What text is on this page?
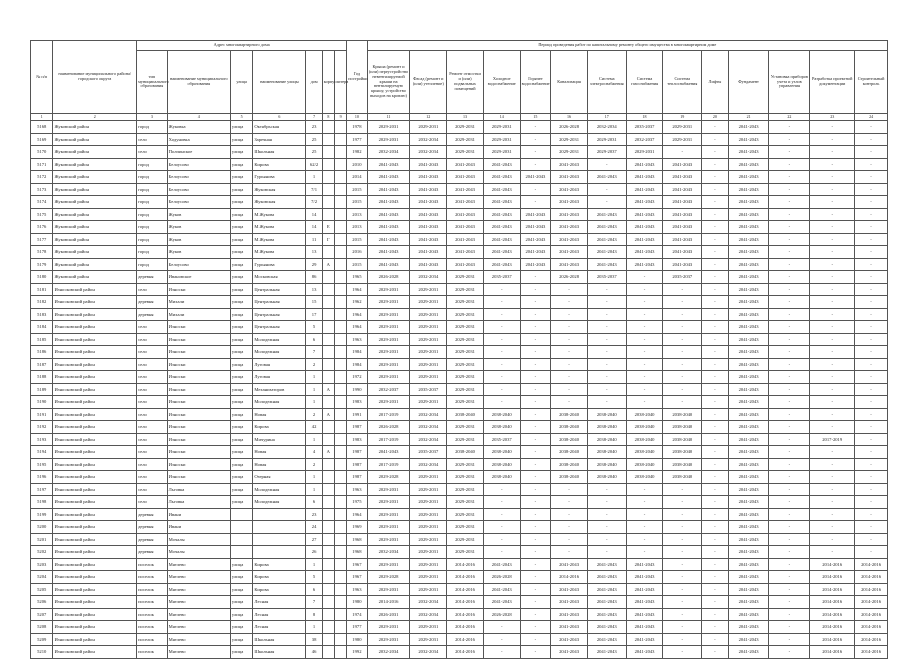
№ п/п	наименование муниципального района/городского округа	Адрес многоквартирного дома							Год постройки	Период проведения работ по капитальному ремонту общего имущества в многоквартирном доме													
		тип муниципального образования	наименование муниципального образования	улица	наименование улицы	дом	корпус	литера		Крыша (ремонт и (или) переустройство невентилируемой крыши на вентилируемую крышу, устройство выходов на кровлю)	Фасад (ремонт и (или) утепление)	Ремонт отмостки и (или) подвальных помещений	Холодное водоснабжение	Горячее водоснабжение	Канализация	Система электроснабжения	Система газоснабжения	Система теплоснабжения	Лифты	Фундамент	Установка приборов учета и узлов управления	Разработка проектной документации	Строительный контроль
1	2	3	4	5	6	7	8	9	10	11	12	13	14	15	16	17	18	19	20	21	22	23	24
5168	Жуковский район	город	Жуковка	улица	Октябрьская	23			1978	2029-2031	2029-2031	2029-2031	2029-2031	-	2026-2028	2032-2034	2035-2037	2029-2031	-	2041-2043	-	-	-
5169	Жуковский район	село	Ходуновка	улица	Заречная	25			1977	2029-2031	2032-2034	2029-2031	2029-2031	-	2029-2031	2029-2031	2032-2037	2029-2031	-	2041-2043	-	-	-
5170	Жуковский район	село	Полпинское	улица	Школьная	25			1982	2032-2034	2032-2034	2029-2031	2029-2031	-	2029-2031	2029-2037	2029-2031	-	-	2041-2043	-	-	-
5171	Жуковский район	город	Белоусово	улица	Кирова	62/2			2010	2041-2043	2041-2043	2041-2043	2041-2043	-	2041-2043	-	2041-2043	2041-2043	-	2041-2043	-	-	-
5172	Жуковский район	город	Белоусово	улица	Гурьянова	1			2014	2041-2043	2041-2043	2041-2043	2041-2043	2041-2043	2041-2043	2041-2043	2041-2043	2041-2043	-	2041-2043	-	-	-
5173	Жуковский район	город	Белоусово	улица	Жуковская	7/1			2015	2041-2043	2041-2043	2041-2043	2041-2043	-	2041-2043	-	2041-2043	2041-2043	-	2041-2043	-	-	-
5174	Жуковский район	город	Белоусово	улица	Жуковская	7/2			2015	2041-2043	2041-2043	2041-2043	2041-2043	-	2041-2043	-	2041-2043	2041-2043	-	2041-2043	-	-	-
5175	Жуковский район	город	Жуков	улица	М.Жукова	14			2013	2041-2043	2041-2043	2041-2043	2041-2043	2041-2043	2041-2043	2041-2043	2041-2043	2041-2043	-	2041-2043	-	-	-
5176	Жуковский район	город	Жуков	улица	М.Жукова	14	Е		2013	2041-2043	2041-2043	2041-2043	2041-2043	2041-2043	2041-2043	2041-2043	2041-2043	2041-2043	-	2041-2043	-	-	-
5177	Жуковский район	город	Жуков	улица	М.Жукова	11	Г		2015	2041-2043	2041-2043	2041-2043	2041-2043	2041-2043	2041-2043	2041-2043	2041-2043	2041-2043	-	2041-2043	-	-	-
5178	Жуковский район	город	Жуков	улица	М.Жукова	13			2016	2041-2043	2041-2043	2041-2043	2041-2043	2041-2043	2041-2043	2041-2043	2041-2043	2041-2043	-	2041-2043	-	-	-
5179	Жуковский район	город	Белоусово	улица	Гурьянова	29	А		2015	2041-2043	2041-2043	2041-2043	2041-2043	2041-2043	2041-2043	2041-2043	2041-2043	2041-2043	-	2041-2043	-	-	-
5180	Жуковский район	деревня	Ивановское	улица	Московская	86			1965	2026-2028	2032-2034	2029-2031	2035-2037	-	2026-2028	2035-2037	-	2035-2037	-	2041-2043	-	-	-
5181	Износковский район	село	Износки	улица	Центральная	13			1964	2029-2031	2029-2031	2029-2031	-	-	-	-	-	-	-	2041-2043	-	-	-
5182	Износковский район	деревня	Михали	улица	Центральная	15			1962	2029-2031	2029-2031	2029-2031	-	-	-	-	-	-	-	2041-2043	-	-	-
5183	Износковский район	деревня	Михали	улица	Центральная	17			1964	2029-2031	2029-2031	2029-2031	-	-	-	-	-	-	-	2041-2043	-	-	-
5184	Износковский район	село	Износки	улица	Центральная	5			1964	2029-2031	2029-2031	2029-2031	-	-	-	-	-	-	-	2041-2043	-	-	-
5185	Износковский район	село	Износки	улица	Молодежная	6			1963	2029-2031	2029-2031	2029-2031	-	-	-	-	-	-	-	2041-2043	-	-	-
5186	Износковский район	село	Износки	улица	Молодежная	7			1984	2029-2031	2029-2031	2029-2031	-	-	-	-	-	-	-	2041-2043	-	-	-
5187	Износковский район	село	Износки	улица	Луговая	2			1984	2029-2031	2029-2031	2029-2031	-	-	-	-	-	-	-	2041-2043	-	-	-
5188	Износковский район	село	Износки	улица	Луговая	1			1972	2029-2031	2029-2031	2029-2031	-	-	-	-	-	-	-	2041-2043	-	-	-
5189	Износковский район	село	Износки	улица	Механизаторов	1	А		1990	2032-2037	2035-2037	2029-2031	-	-	-	-	-	-	-	2041-2043	-	-	-
5190	Износковский район	село	Износки	улица	Молодежная	1			1983	2029-2031	2029-2031	2029-2031	-	-	-	-	-	-	-	2041-2043	-	-	-
5191	Износковский район	село	Износки	улица	Новая	2	А		1991	2017-2019	2032-2034	2038-2040	2038-2040	-	2038-2040	2038-2040	2038-2040	2038-2040	-	2041-2043	-	-	-
5192	Износковский район	село	Износки	улица	Кирова	42			1987	2026-2028	2032-2034	2029-2031	2038-2040	-	2038-2040	2038-2040	2038-2040	2038-2040	-	2041-2043	-	-	-
5193	Износковский район	село	Износки	улица	Мичурина	1			1983	2017-2019	2032-2034	2029-2031	2035-2037	-	2038-2040	2038-2040	2038-2040	2038-2040	-	2041-2043	-	2017-2019	-
5194	Износковский район	село	Износки	улица	Новая	4	А		1987	2041-2043	2035-2037	2038-2040	2038-2040	-	2038-2040	2038-2040	2038-2040	2038-2040	-	2041-2043	-	-	-
5195	Износковский район	село	Износки	улица	Новая	2			1987	2017-2019	2032-2034	2029-2031	2038-2040	-	2038-2040	2038-2040	2038-2040	2038-2040	-	2041-2043	-	-	-
5196	Износковский район	село	Износки	улица	Озерная	1			1987	2029-2028	2029-2031	2029-2031	2038-2040	-	2038-2040	2038-2040	2038-2040	2038-2040	-	2041-2043	-	-	-
5197	Износковский район	село	Льговка	улица	Молодежная	1			1963	2029-2031	2029-2031	2029-2031	-	-	-	-	-	-	-	2041-2043	-	-	-
5198	Износковский район	село	Льговка	улица	Молодежная	6			1975	2029-2031	2029-2031	2029-2031	-	-	-	-	-	-	-	2041-2043	-	-	-
5199	Износковский район	деревня	Ивани			23			1964	2029-2031	2029-2031	2029-2031	-	-	-	-	-	-	-	2041-2043	-	-	-
5200	Износковский район	деревня	Ивани			24			1969	2029-2031	2029-2031	2029-2031	-	-	-	-	-	-	-	2041-2043	-	-	-
5201	Износковский район	деревня	Мочалы			27			1968	2029-2031	2029-2031	2029-2031	-	-	-	-	-	-	-	2041-2043	-	-	-
5202	Износковский район	деревня	Мочалы			26			1968	2032-2034	2029-2031	2029-2031	-	-	-	-	-	-	-	2041-2043	-	-	-
5203	Износковский район	поселок	Мятлево	улица	Кирова	1			1967	2029-2031	2029-2031	2014-2016	2041-2043	-	2041-2043	2041-2043	2041-2043	-	-	2041-2043	-	2014-2016	2014-2016
5204	Износковский район	поселок	Мятлево	улица	Кирова	5			1967	2029-2028	2029-2031	2014-2016	2026-2028	-	2014-2016	2041-2043	2041-2043	-	-	2041-2043	-	2014-2016	2014-2016
5205	Износковский район	поселок	Мятлево	улица	Кирова	6			1963	2029-2031	2029-2031	2014-2016	2041-2043	-	2041-2043	2041-2043	2041-2043	-	-	2041-2043	-	2014-2016	2014-2016
5206	Износковский район	поселок	Мятлево	улица	Лесная	7			1980	2014-2016	2032-2034	2014-2016	2041-2043	-	2041-2043	2041-2043	2041-2043	-	-	2041-2043	-	2014-2016	2014-2016
5207	Износковский район	поселок	Мятлево	улица	Лесная	8			1974	2026-2031	2032-2034	2014-2016	2026-2028	-	2041-2043	2041-2043	2041-2043	-	-	2041-2043	-	2014-2016	2014-2016
5208	Износковский район	поселок	Мятлево	улица	Лесная	1			1977	2029-2031	2029-2031	2014-2016	-	-	2041-2043	2041-2043	2041-2043	-	-	2041-2043	-	2014-2016	2014-2016
5209	Износковский район	поселок	Мятлево	улица	Школьная	38			1980	2029-2031	2029-2031	2014-2016	-	-	2041-2043	2041-2043	2041-2043	-	-	2041-2043	-	2014-2016	2014-2016
5210	Износковский район	поселок	Мятлево	улица	Школьная	46			1992	2032-2034	2032-2034	2014-2016	-	-	2041-2043	2041-2043	2041-2043	-	-	2041-2043	-	2014-2016	2014-2016
